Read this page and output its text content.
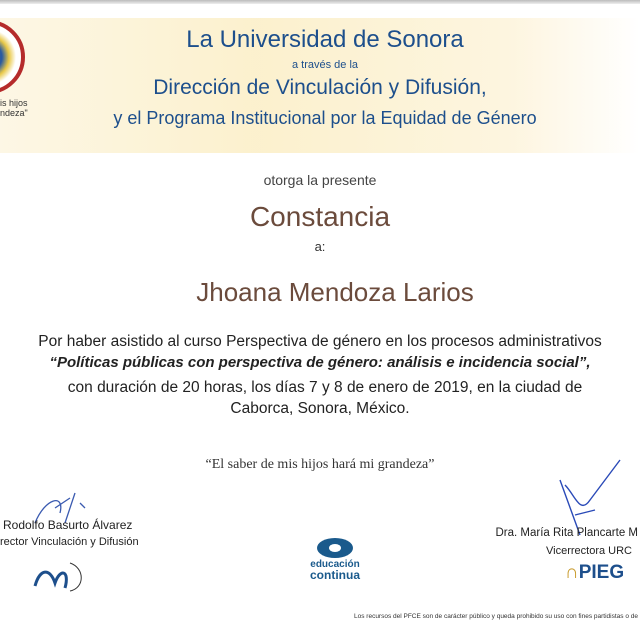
is hijos
ndeza"
La Universidad de Sonora
a través de la
Dirección de Vinculación y Difusión,
y el Programa Institucional por la Equidad de Género
otorga la presente
Constancia
a:
Jhoana Mendoza Larios
Por haber asistido al curso Perspectiva de género en los procesos administrativos
“Políticas públicas con perspectiva de género: análisis e incidencia social”,
con duración de 20 horas, los días 7 y 8 de enero de 2019, en la ciudad de
Caborca, Sonora, México.
“El saber de mis hijos hará mi grandeza”
Rodolfo Basurto Álvarez
rector Vinculación y Difusión
educación
continua
Dra. María Rita Plancarte M
Vicerrectora URC
∩PIEG
Los recursos del PFCE son de carácter público y queda prohibido su uso con fines partidistas o de
